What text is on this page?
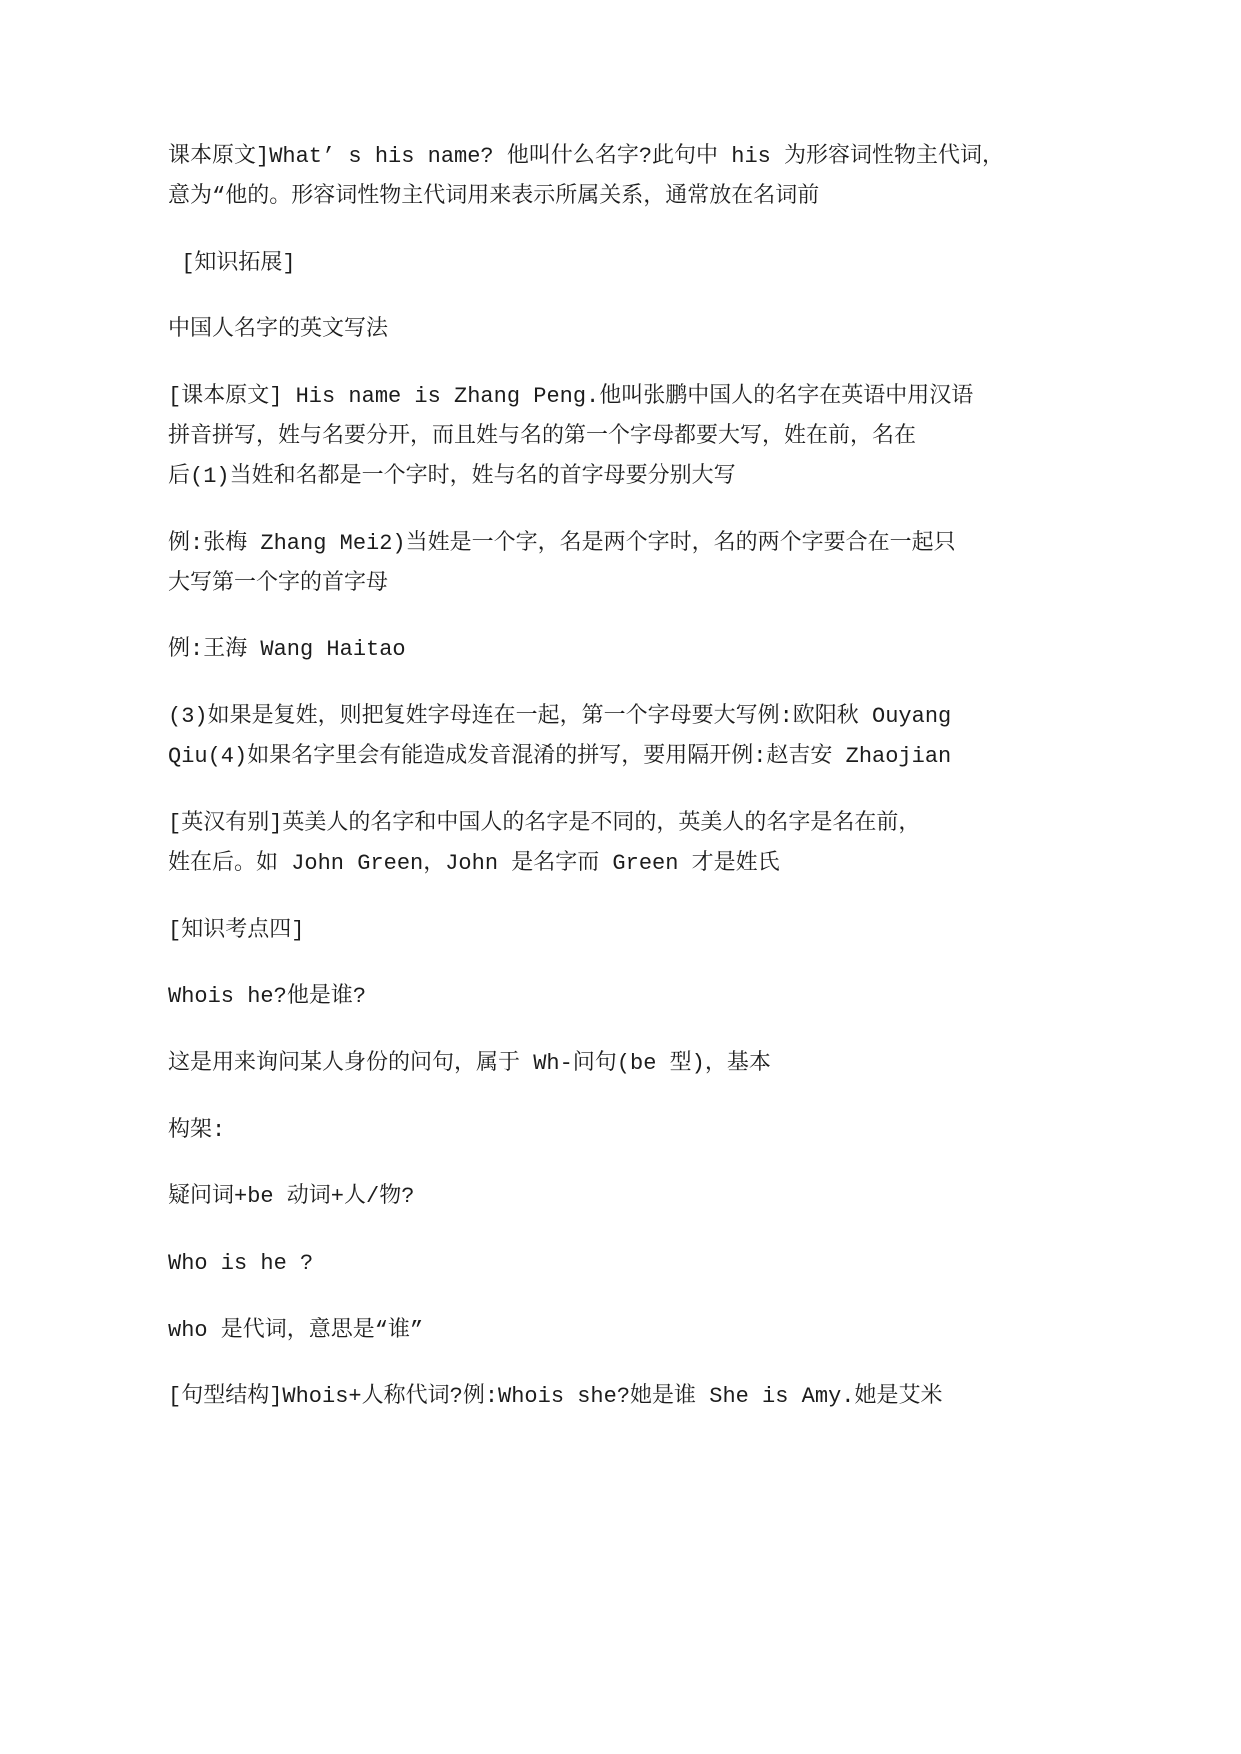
课本原文]What’ s his name? 他叫什么名字?此句中 his 为形容词性物主代词，
意为“他的。形容词性物主代词用来表示所属关系，通常放在名词前

[知识拓展]

中国人名字的英文写法

[课本原文] His name is Zhang Peng.他叫张鹏中国人的名字在英语中用汉语
拼音拼写，姓与名要分开，而且姓与名的第一个字母都要大写，姓在前，名在
后(1)当姓和名都是一个字时，姓与名的首字母要分别大写

例:张梅 Zhang Mei2)当姓是一个字，名是两个字时，名的两个字要合在一起只
大写第一个字的首字母

例:王海 Wang Haitao

(3)如果是复姓，则把复姓字母连在一起，第一个字母要大写例:欧阳秋 Ouyang
Qiu(4)如果名字里会有能造成发音混淆的拼写，要用隔开例:赵吉安 Zhaojian

[英汉有别]英美人的名字和中国人的名字是不同的，英美人的名字是名在前，
姓在后。如 John Green，John 是名字而 Green 才是姓氏

[知识考点四]

Whois he?他是谁?

这是用来询问某人身份的问句，属于 Wh-问句(be 型)，基本

构架:

疑问词+be 动词+人/物?

Who is he ?

who 是代词，意思是“谁”

[句型结构]Whois+人称代词?例:Whois she?她是谁 She is Amy.她是艾米
